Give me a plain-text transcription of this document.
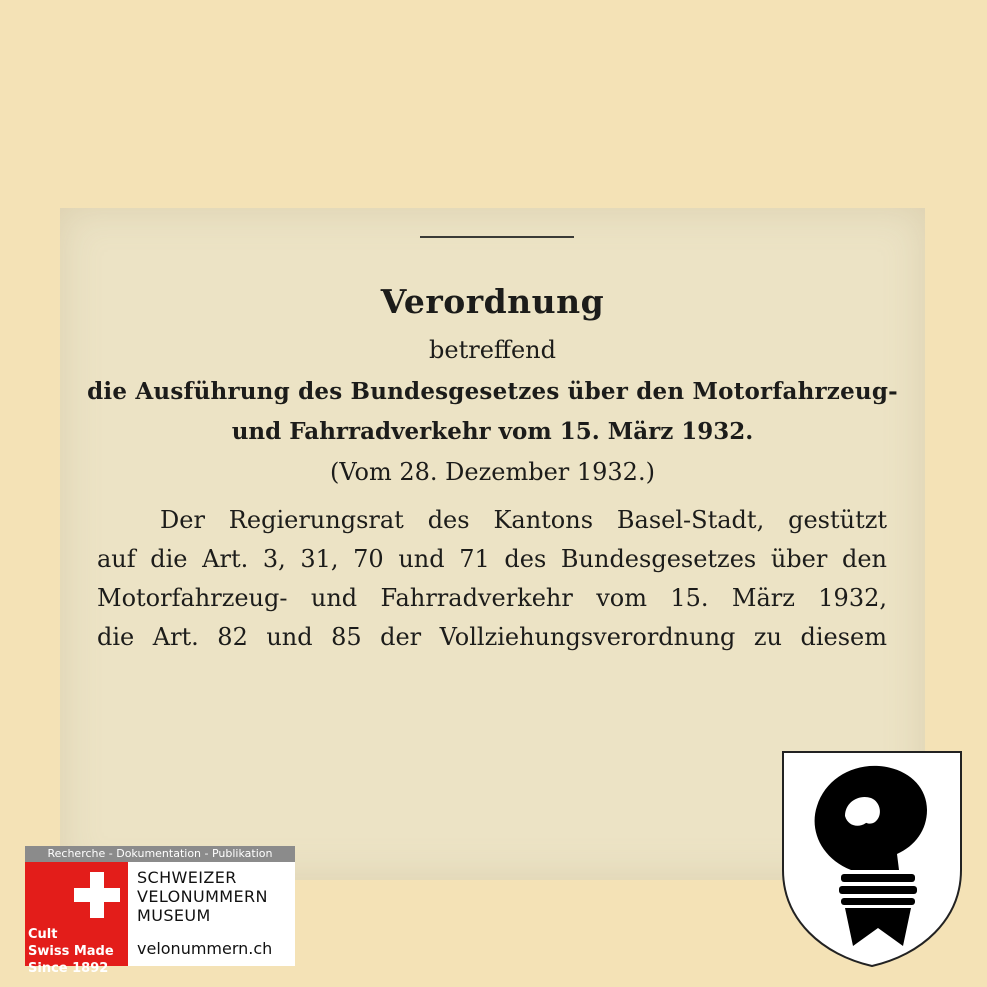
Verordnung
betreffend
die Ausführung des Bundesgesetzes über den Motorfahrzeug-
und Fahrradverkehr vom 15. März 1932.
(Vom 28. Dezember 1932.)
Der Regierungsrat des Kantons Basel-Stadt, gestützt
auf die Art. 3, 31, 70 und 71 des Bundesgesetzes über den
Motorfahrzeug- und Fahrradverkehr vom 15. März 1932,
die Art. 82 und 85 der Vollziehungsverordnung zu diesem
Recherche - Dokumentation - Publikation
Cult
Swiss Made
Since 1892
SCHWEIZER
VELONUMMERN
MUSEUM
velonummern.ch
